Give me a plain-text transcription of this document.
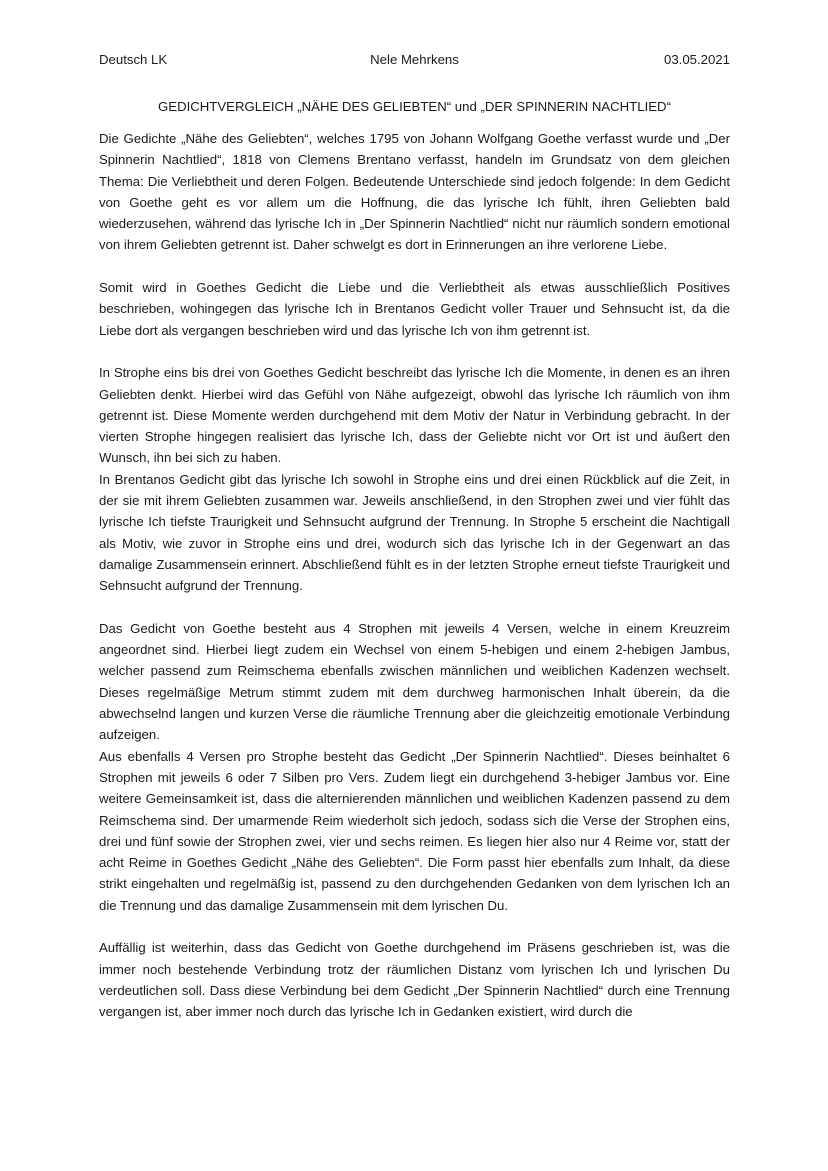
Deutsch LK	Nele Mehrkens	03.05.2021
GEDICHTVERGLEICH „NÄHE DES GELIEBTEN“ und „DER SPINNERIN NACHTLIED“

Die Gedichte „Nähe des Geliebten“, welches 1795 von Johann Wolfgang Goethe verfasst wurde und „Der Spinnerin Nachtlied“, 1818 von Clemens Brentano verfasst, handeln im Grundsatz von dem gleichen Thema: Die Verliebtheit und deren Folgen. Bedeutende Unterschiede sind jedoch folgende: In dem Gedicht von Goethe geht es vor allem um die Hoffnung, die das lyrische Ich fühlt, ihren Geliebten bald wiederzusehen, während das lyrische Ich in „Der Spinnerin Nachtlied“ nicht nur räumlich sondern emotional von ihrem Geliebten getrennt ist. Daher schwelgt es dort in Erinnerungen an ihre verlorene Liebe.

Somit wird in Goethes Gedicht die Liebe und die Verliebtheit als etwas ausschließlich Positives beschrieben, wohingegen das lyrische Ich in Brentanos Gedicht voller Trauer und Sehnsucht ist, da die Liebe dort als vergangen beschrieben wird und das lyrische Ich von ihm getrennt ist.

In Strophe eins bis drei von Goethes Gedicht beschreibt das lyrische Ich die Momente, in denen es an ihren Geliebten denkt. Hierbei wird das Gefühl von Nähe aufgezeigt, obwohl das lyrische Ich räumlich von ihm getrennt ist. Diese Momente werden durchgehend mit dem Motiv der Natur in Verbindung gebracht. In der vierten Strophe hingegen realisiert das lyrische Ich, dass der Geliebte nicht vor Ort ist und äußert den Wunsch, ihn bei sich zu haben.

In Brentanos Gedicht gibt das lyrische Ich sowohl in Strophe eins und drei einen Rückblick auf die Zeit, in der sie mit ihrem Geliebten zusammen war. Jeweils anschließend, in den Strophen zwei und vier fühlt das lyrische Ich tiefste Traurigkeit und Sehnsucht aufgrund der Trennung. In Strophe 5 erscheint die Nachtigall als Motiv, wie zuvor in Strophe eins und drei, wodurch sich das lyrische Ich in der Gegenwart an das damalige Zusammensein erinnert. Abschließend fühlt es in der letzten Strophe erneut tiefste Traurigkeit und Sehnsucht aufgrund der Trennung.

Das Gedicht von Goethe besteht aus 4 Strophen mit jeweils 4 Versen, welche in einem Kreuzreim angeordnet sind. Hierbei liegt zudem ein Wechsel von einem 5-hebigen und einem 2-hebigen Jambus, welcher passend zum Reimschema ebenfalls zwischen männlichen und weiblichen Kadenzen wechselt. Dieses regelmäßige Metrum stimmt zudem mit dem durchweg harmonischen Inhalt überein, da die abwechselnd langen und kurzen Verse die räumliche Trennung aber die gleichzeitig emotionale Verbindung aufzeigen.

Aus ebenfalls 4 Versen pro Strophe besteht das Gedicht „Der Spinnerin Nachtlied“. Dieses beinhaltet 6 Strophen mit jeweils 6 oder 7 Silben pro Vers. Zudem liegt ein durchgehend 3-hebiger Jambus vor. Eine weitere Gemeinsamkeit ist, dass die alternierenden männlichen und weiblichen Kadenzen passend zu dem Reimschema sind. Der umarmende Reim wiederholt sich jedoch, sodass sich die Verse der Strophen eins, drei und fünf sowie der Strophen zwei, vier und sechs reimen. Es liegen hier also nur 4 Reime vor, statt der acht Reime in Goethes Gedicht „Nähe des Geliebten“. Die Form passt hier ebenfalls zum Inhalt, da diese strikt eingehalten und regelmäßig ist, passend zu den durchgehenden Gedanken von dem lyrischen Ich an die Trennung und das damalige Zusammensein mit dem lyrischen Du.

Auffällig ist weiterhin, dass das Gedicht von Goethe durchgehend im Präsens geschrieben ist, was die immer noch bestehende Verbindung trotz der räumlichen Distanz vom lyrischen Ich und lyrischen Du verdeutlichen soll. Dass diese Verbindung bei dem Gedicht „Der Spinnerin Nachtlied“ durch eine Trennung vergangen ist, aber immer noch durch das lyrische Ich in Gedanken existiert, wird durch die
